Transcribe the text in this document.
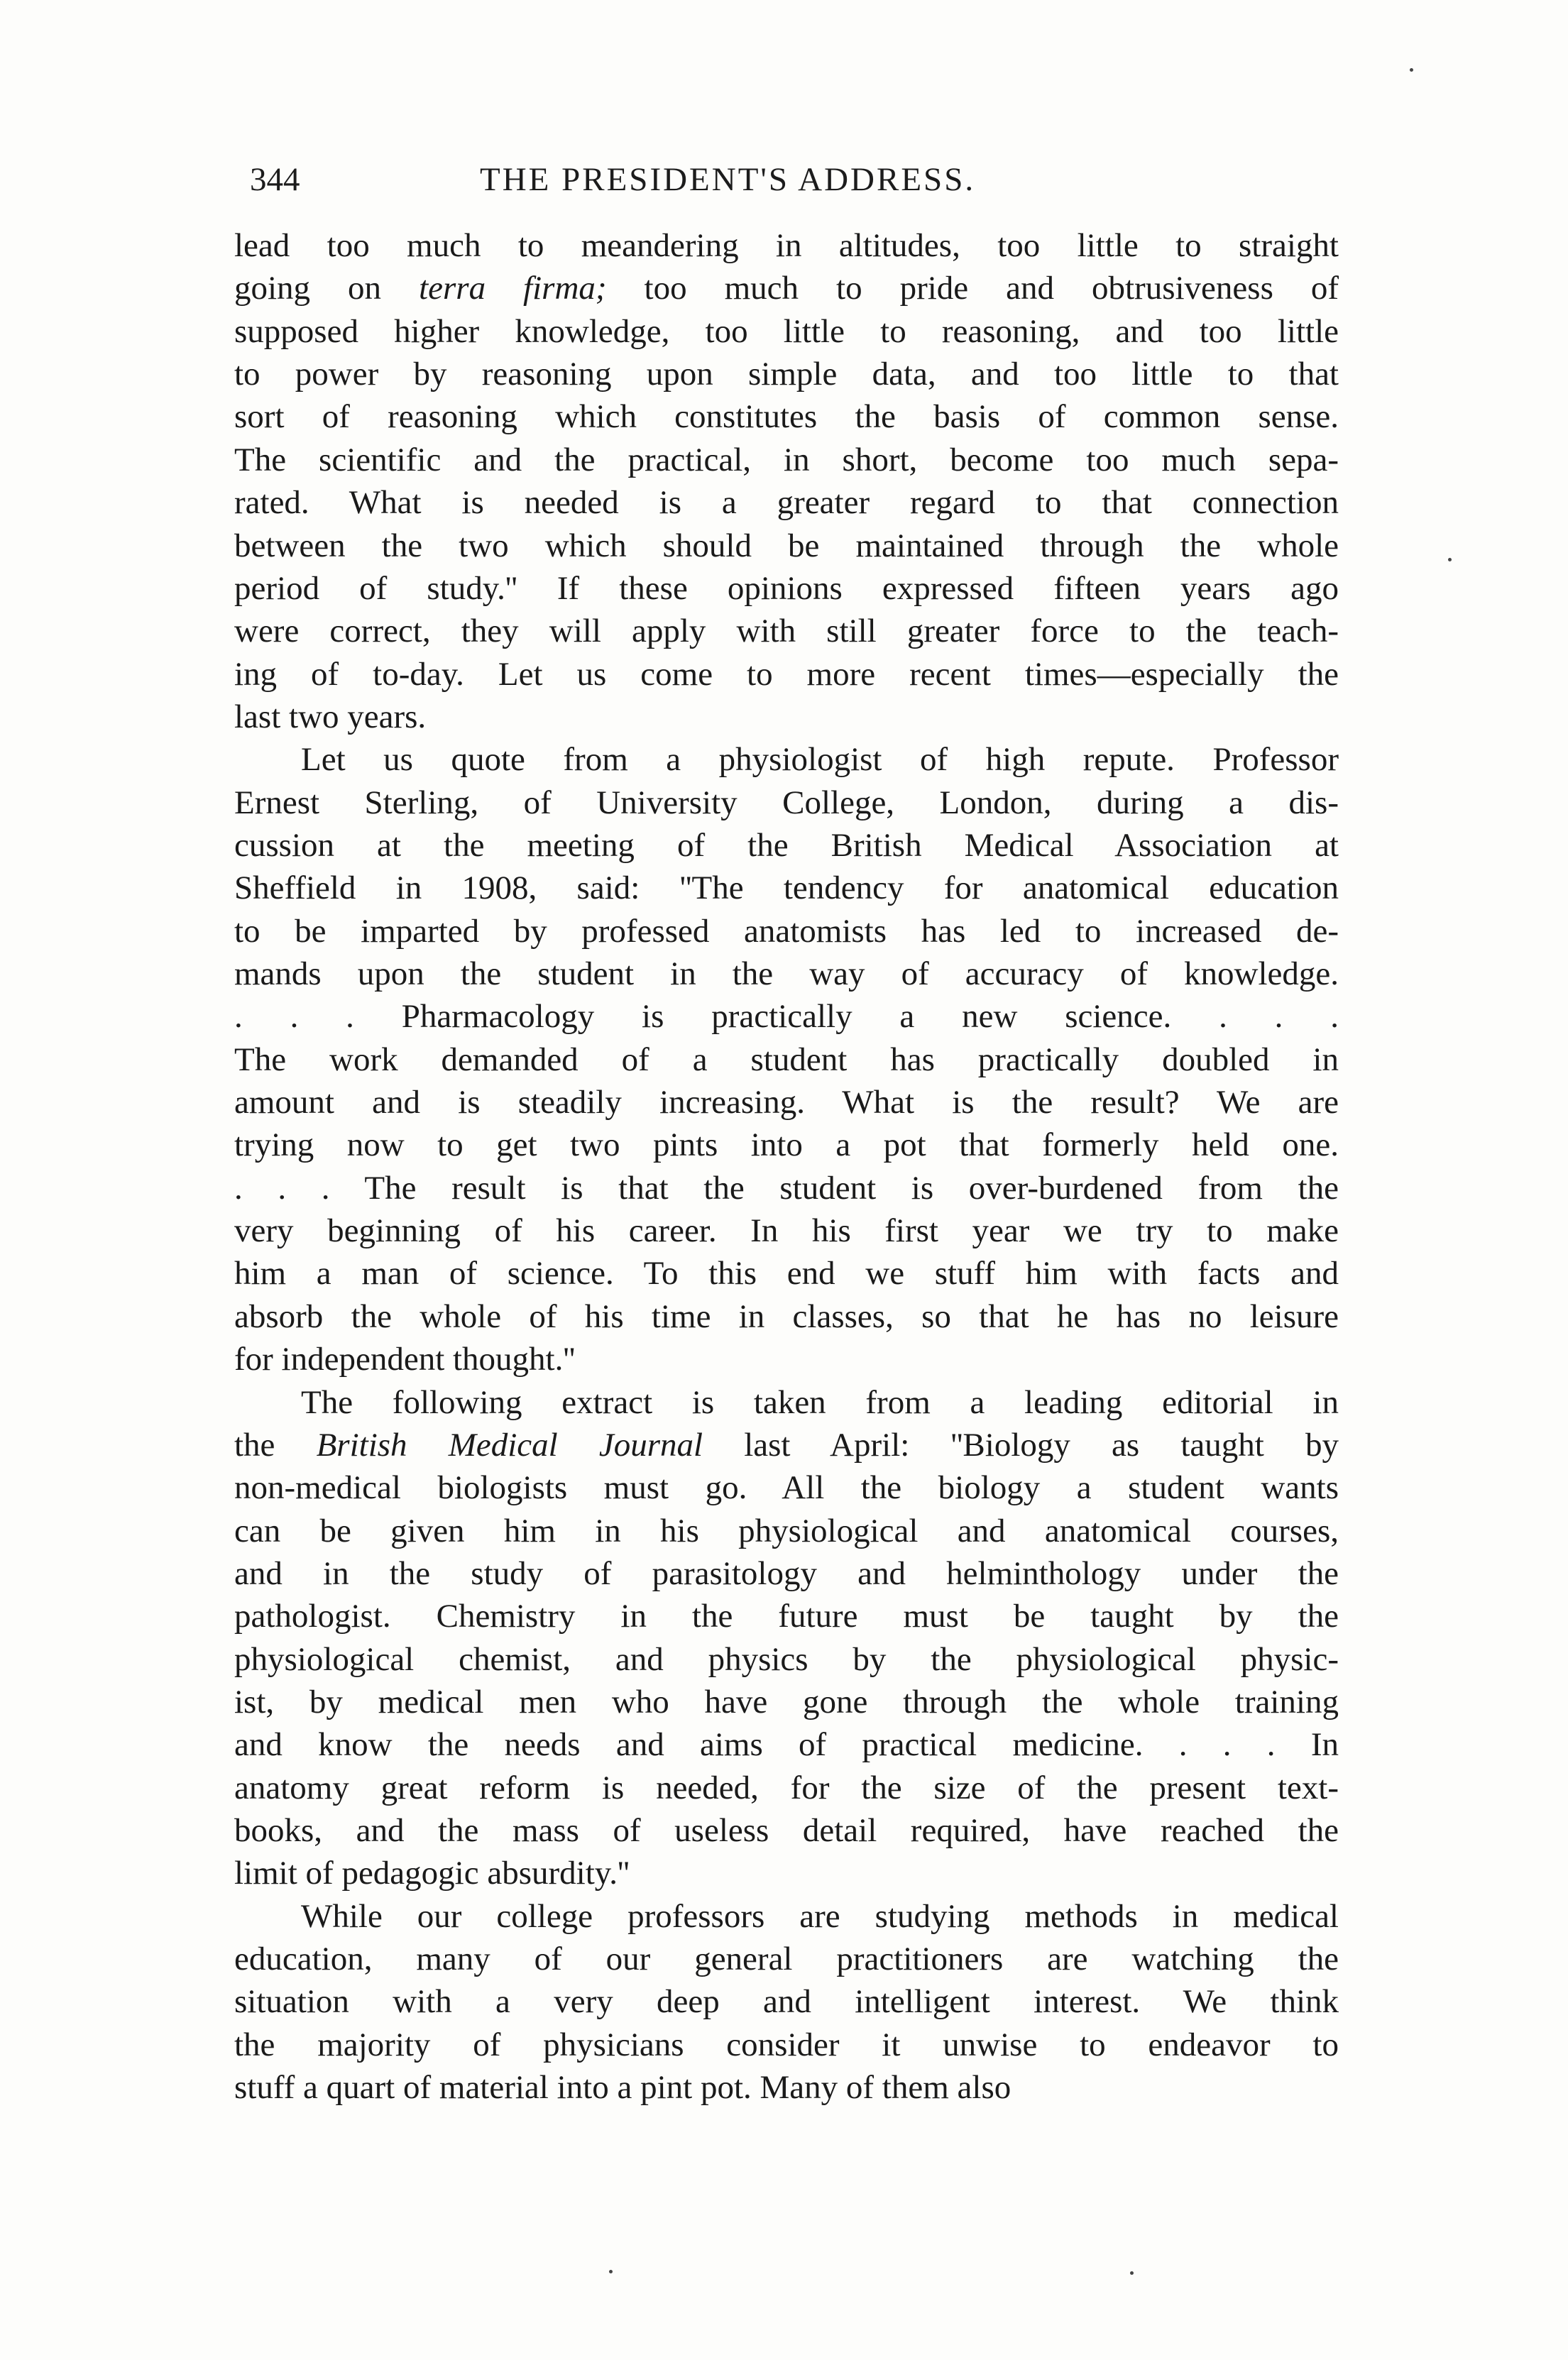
344	THE PRESIDENT'S ADDRESS.
lead too much to meandering in altitudes, too little to straight
going on terra firma; too much to pride and obtrusiveness of
supposed higher knowledge, too little to reasoning, and too little
to power by reasoning upon simple data, and too little to that
sort of reasoning which constitutes the basis of common sense.
The scientific and the practical, in short, become too much sepa-
rated. What is needed is a greater regard to that connection
between the two which should be maintained through the whole
period of study.'' If these opinions expressed fifteen years ago
were correct, they will apply with still greater force to the teach-
ing of to-day. Let us come to more recent times—especially the
last two years.
Let us quote from a physiologist of high repute. Professor
Ernest Sterling, of University College, London, during a dis-
cussion at the meeting of the British Medical Association at
Sheffield in 1908, said: ''The tendency for anatomical education
to be imparted by professed anatomists has led to increased de-
mands upon the student in the way of accuracy of knowledge.
. . . Pharmacology is practically a new science. . . .
The work demanded of a student has practically doubled in
amount and is steadily increasing. What is the result? We are
trying now to get two pints into a pot that formerly held one.
. . . The result is that the student is over-burdened from the
very beginning of his career. In his first year we try to make
him a man of science. To this end we stuff him with facts and
absorb the whole of his time in classes, so that he has no leisure
for independent thought.''
The following extract is taken from a leading editorial in
the British Medical Journal last April: ''Biology as taught by
non-medical biologists must go. All the biology a student wants
can be given him in his physiological and anatomical courses,
and in the study of parasitology and helminthology under the
pathologist. Chemistry in the future must be taught by the
physiological chemist, and physics by the physiological physic-
ist, by medical men who have gone through the whole training
and know the needs and aims of practical medicine. . . . In
anatomy great reform is needed, for the size of the present text-
books, and the mass of useless detail required, have reached the
limit of pedagogic absurdity.''
While our college professors are studying methods in medical
education, many of our general practitioners are watching the
situation with a very deep and intelligent interest. We think
the majority of physicians consider it unwise to endeavor to
stuff a quart of material into a pint pot. Many of them also
